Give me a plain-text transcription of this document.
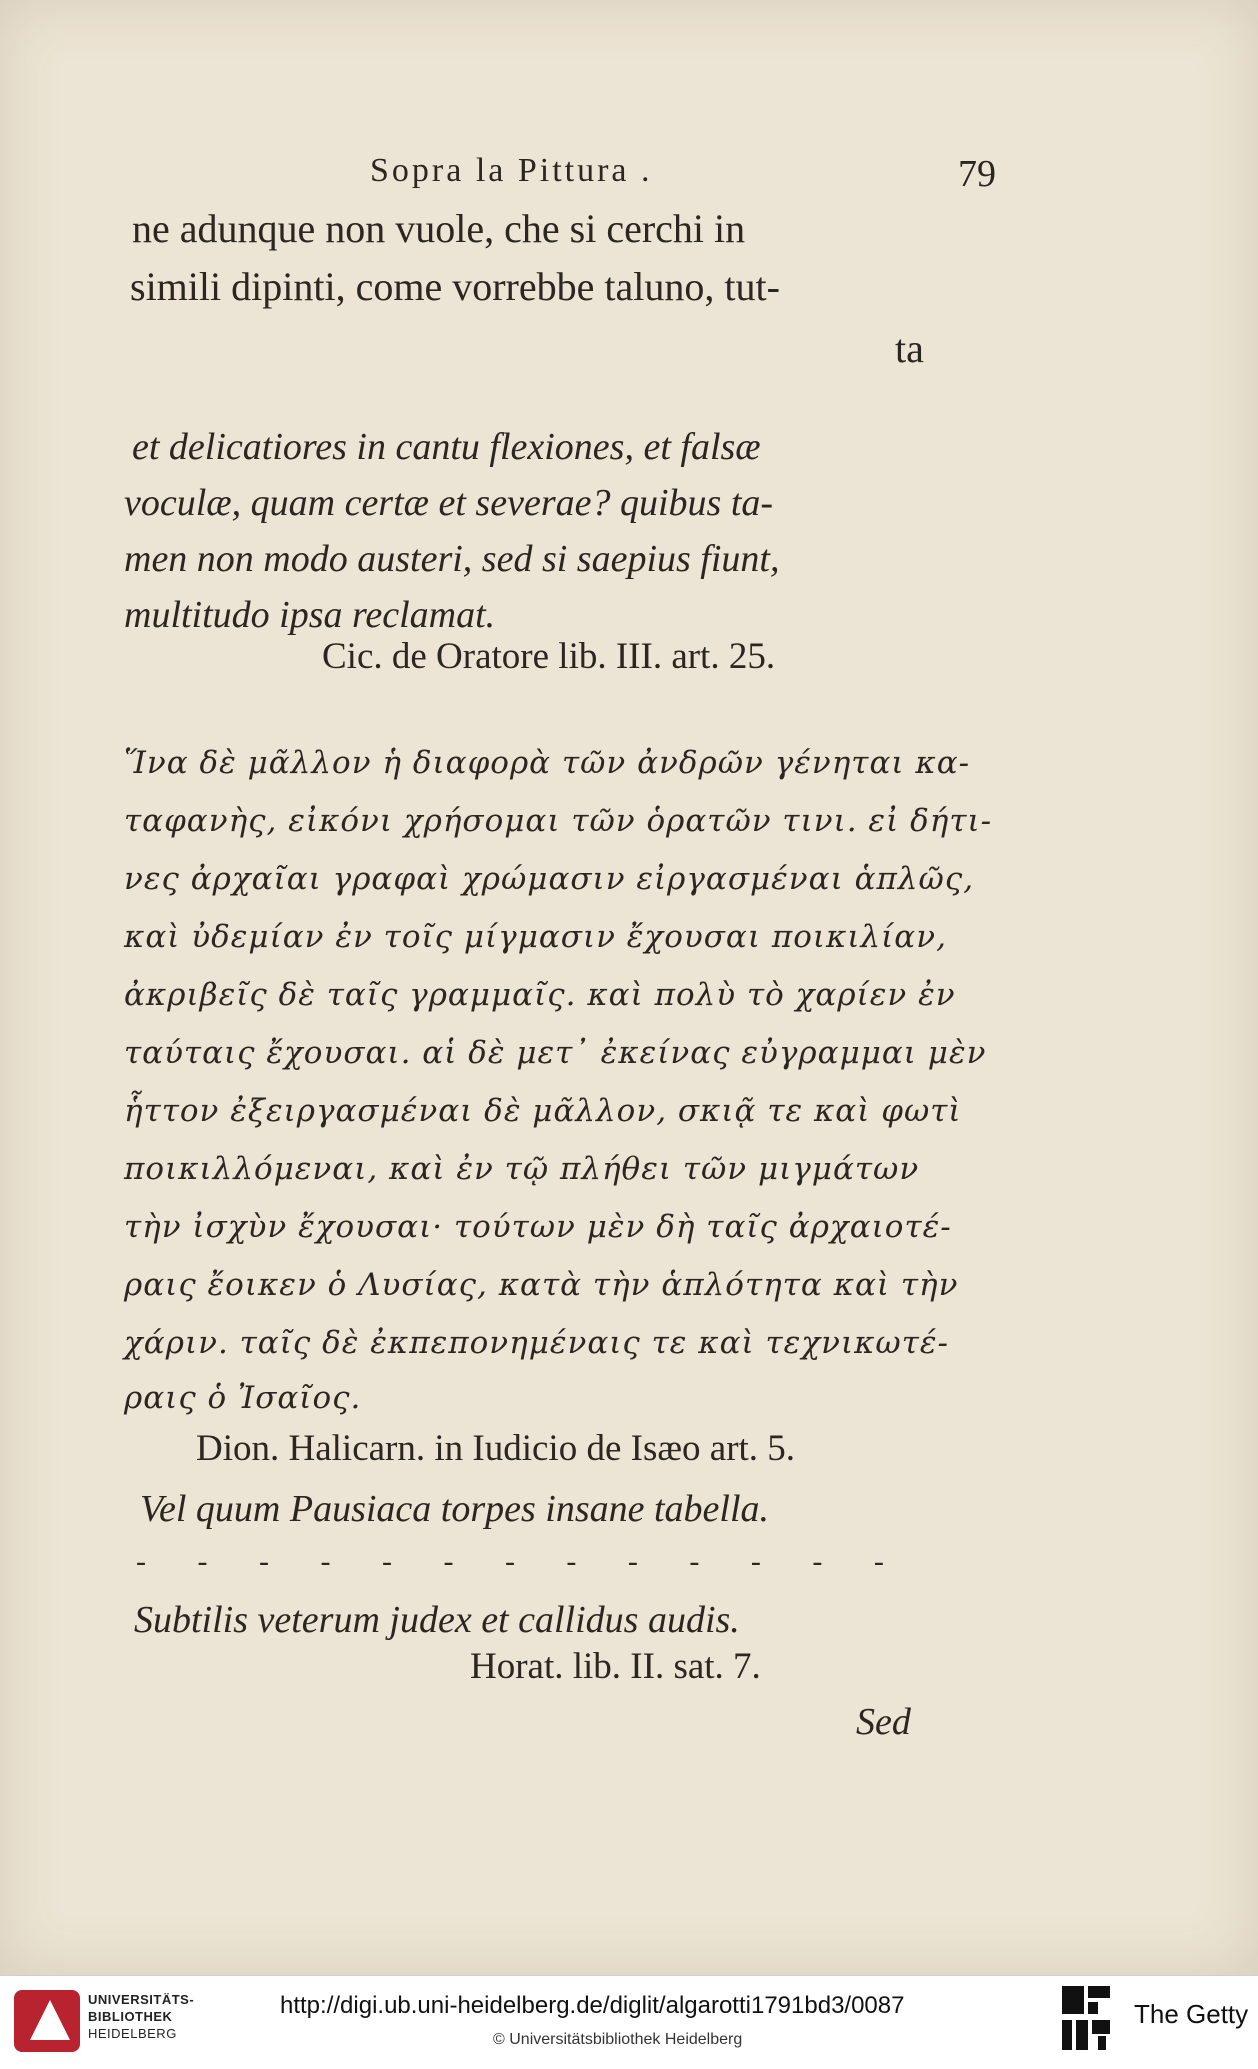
Sopra la Pittura .	79
ne adunque non vuole, che si cerchi in
simili dipinti, come vorrebbe taluno, tut-
ta
et delicatiores in cantu flexiones, et falsæ
voculæ, quam certæ et severae? quibus ta-
men non modo austeri, sed si saepius fiunt,
multitudo ipsa reclamat.
Cic. de Oratore lib. III. art. 25.
Ἵνα δὲ μᾶλλον ἡ διαφορὰ τῶν ἀνδρῶν γένηται κα-
ταφανὴς, εἰκόνι χρήσομαι τῶν ὁρατῶν τινι. εἰ δήτι-
νες ἀρχαῖαι γραφαὶ χρώμασιν εἰργασμέναι ἁπλῶς,
καὶ ὐδεμίαν ἐν τοῖς μίγμασιν ἔχουσαι ποικιλίαν,
ἀκριβεῖς δὲ ταῖς γραμμαῖς. καὶ πολὺ τὸ χαρίεν ἐν
ταύταις ἔχουσαι. αἱ δὲ μετ᾽ ἐκείνας εὐγραμμαι μὲν
ἧττον ἐξειργασμέναι δὲ μᾶλλον, σκιᾷ τε καὶ φωτὶ
ποικιλλόμεναι, καὶ ἐν τῷ πλήθει τῶν μιγμάτων
τὴν ἰσχὺν ἔχουσαι· τούτων μὲν δὴ ταῖς ἀρχαιοτέ-
ραις ἔοικεν ὁ Λυσίας, κατὰ τὴν ἁπλότητα καὶ τὴν
χάριν. ταῖς δὲ ἐκπεπονημέναις τε καὶ τεχνικωτέ-
ραις ὁ Ἰσαῖος.
Dion. Halicarn. in Iudicio de Isæo art. 5.
Vel quum Pausiaca torpes insane tabella.
- - - - - - - - - - - - -
Subtilis veterum judex et callidus audis.
Horat. lib. II. sat. 7.
Sed
UNIVERSITÄTS-
BIBLIOTHEK
HEIDELBERG
http://digi.ub.uni-heidelberg.de/diglit/algarotti1791bd3/0087
© Universitätsbibliothek Heidelberg
The Getty
